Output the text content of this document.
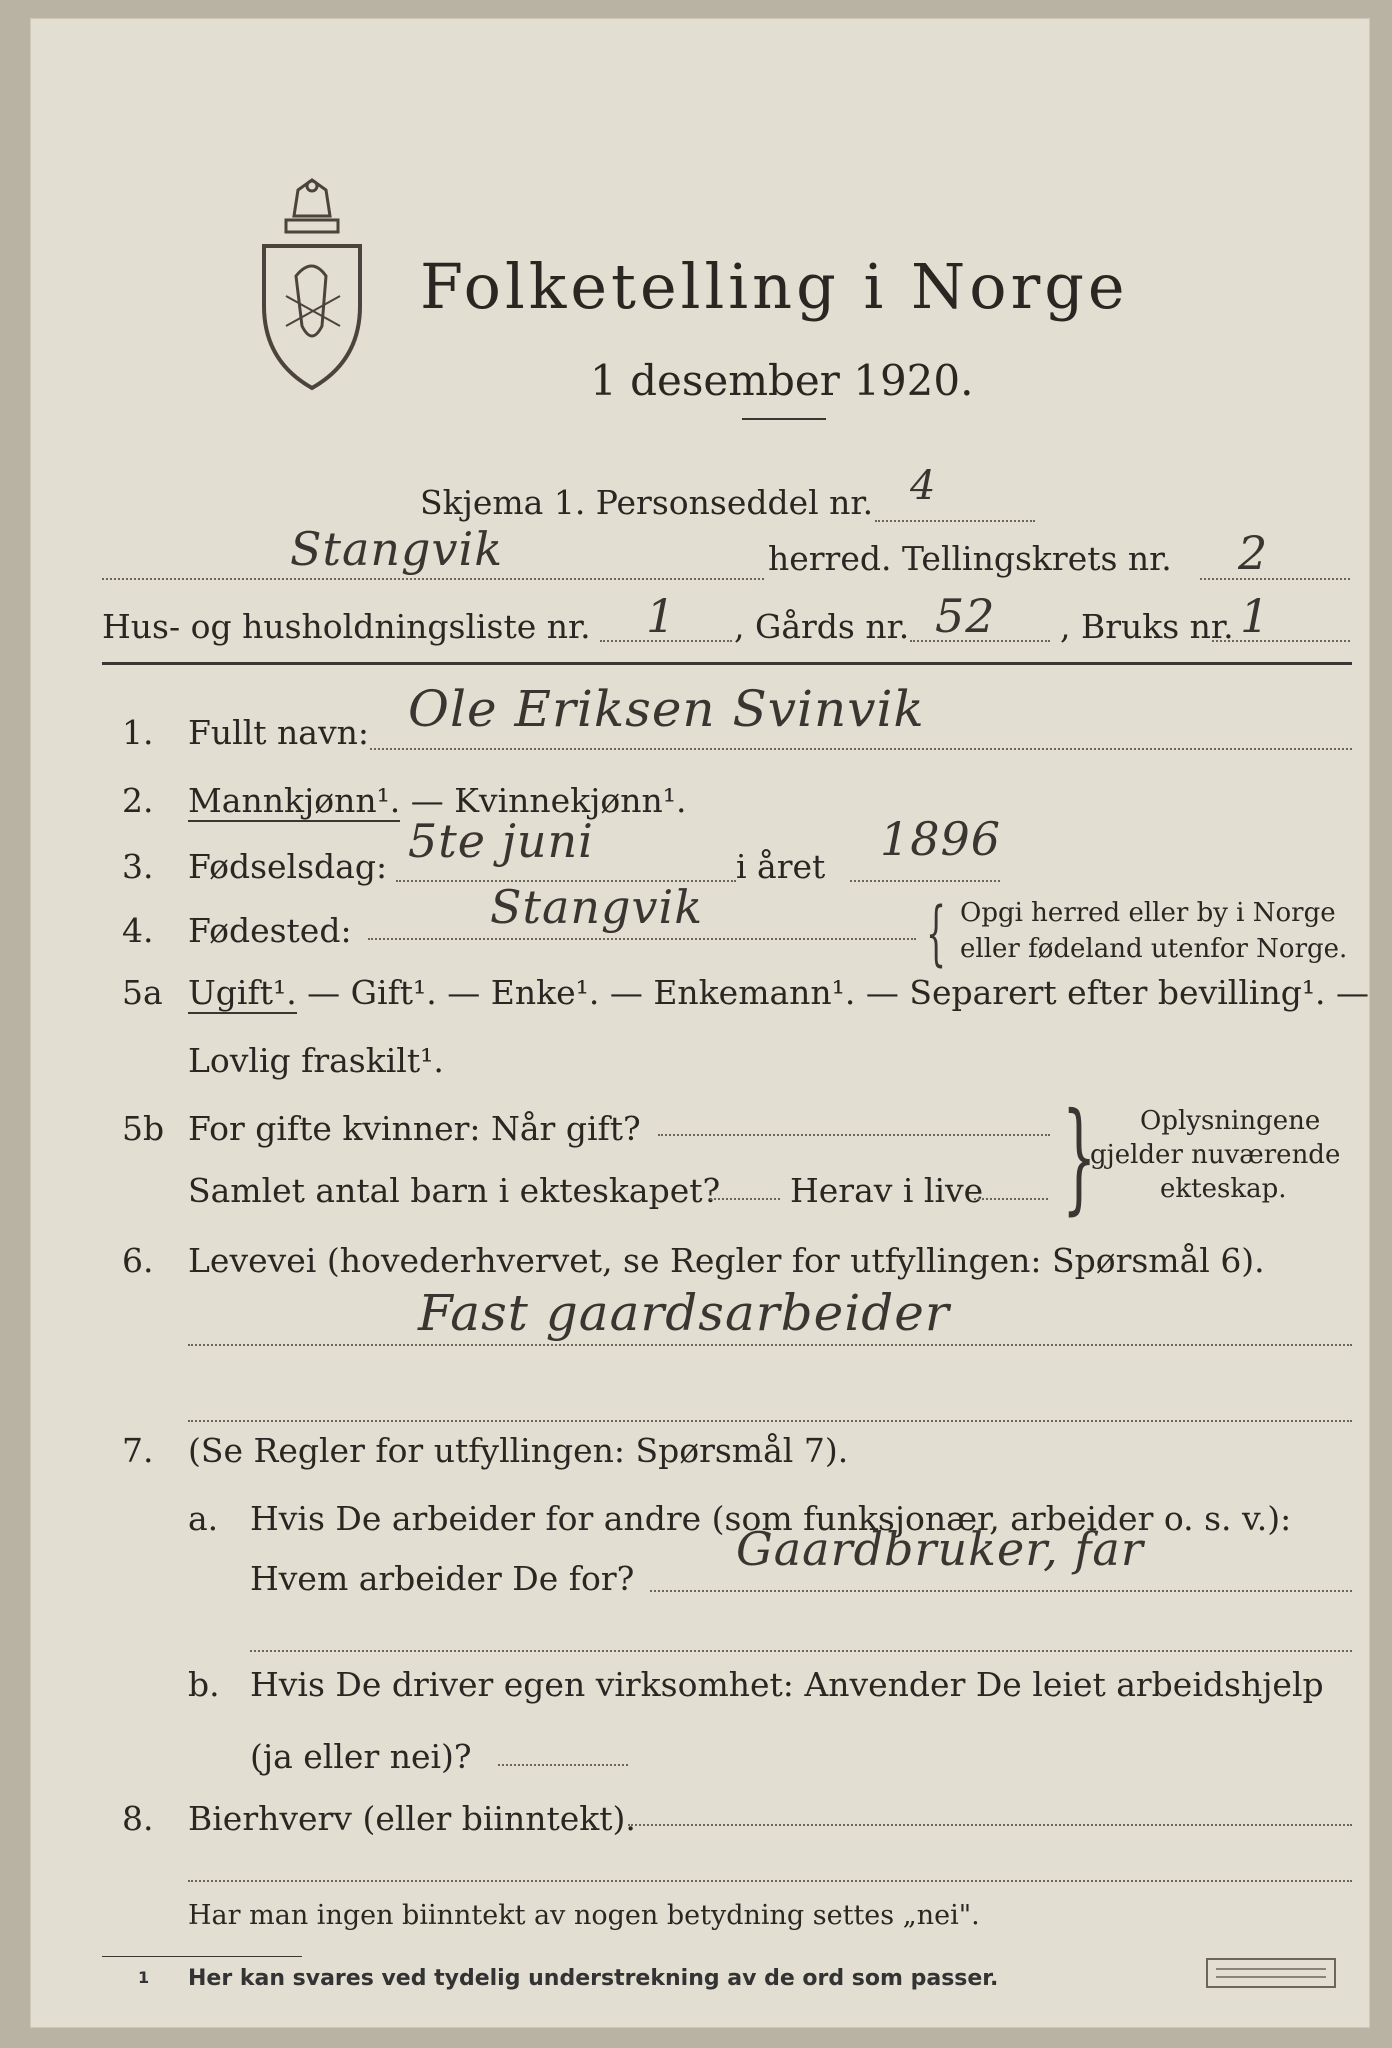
Folketelling i Norge
1 desember 1920.
Skjema 1. Personseddel nr. 4
Stangvik	herred. Tellingskrets nr. 2
Hus- og husholdningsliste nr. 1 , Gårds nr. 52 , Bruks nr. 1
1. Fullt navn: Ole Eriksen Svinvik
2. Mannkjønn¹. — Kvinnekjønn¹.
3. Fødselsdag: 5te juni	i året
1896
4. Fødested:	Stangvik	{ Opgi herred eller by i Norge
eller fødeland utenfor Norge.
5a Ugift¹. — Gift¹. — Enke¹. — Enkemann¹. — Separert efter bevilling¹. —
Lovlig fraskilt¹.
5b For gifte kvinner: Når gift?
Samlet antal barn i ekteskapet? Herav i live } Oplysningene
gjelder nuværende
ekteskap.
6. Levevei (hovederhvervet, se Regler for utfyllingen: Spørsmål 6).
Fast gaardsarbeider
7. (Se Regler for utfyllingen: Spørsmål 7).
a. Hvis De arbeider for andre (som funksjonær, arbeider o. s. v.):
Hvem arbeider De for?
Gaardbruker, far
b. Hvis De driver egen virksomhet: Anvender De leiet arbeidshjelp
(ja eller nei)?
8. Bierhverv (eller biinntekt).
Har man ingen biinntekt av nogen betydning settes „nei".
1 Her kan svares ved tydelig understrekning av de ord som passer.
